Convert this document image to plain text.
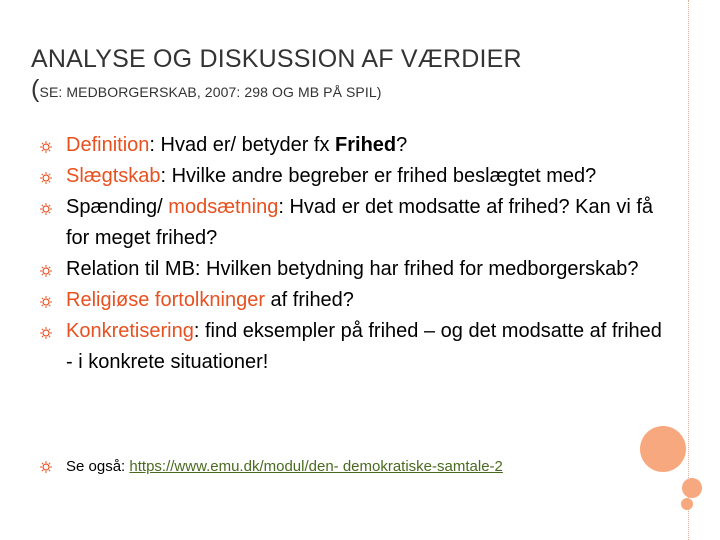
ANALYSE OG DISKUSSION AF VÆRDIER
(SE: MEDBORGERSKAB, 2007: 298 OG MB PÅ SPIL)
Definition: Hvad er/ betyder fx Frihed?
Slægtskab: Hvilke andre begreber er frihed beslægtet med?
Spænding/ modsætning: Hvad er det modsatte af frihed? Kan vi få for meget frihed?
Relation til MB: Hvilken betydning har frihed for medborgerskab?
Religiøse fortolkninger af frihed?
Konkretisering: find eksempler på frihed – og det modsatte af frihed - i konkrete situationer!
Se også: https://www.emu.dk/modul/den- demokratiske-samtale-2
